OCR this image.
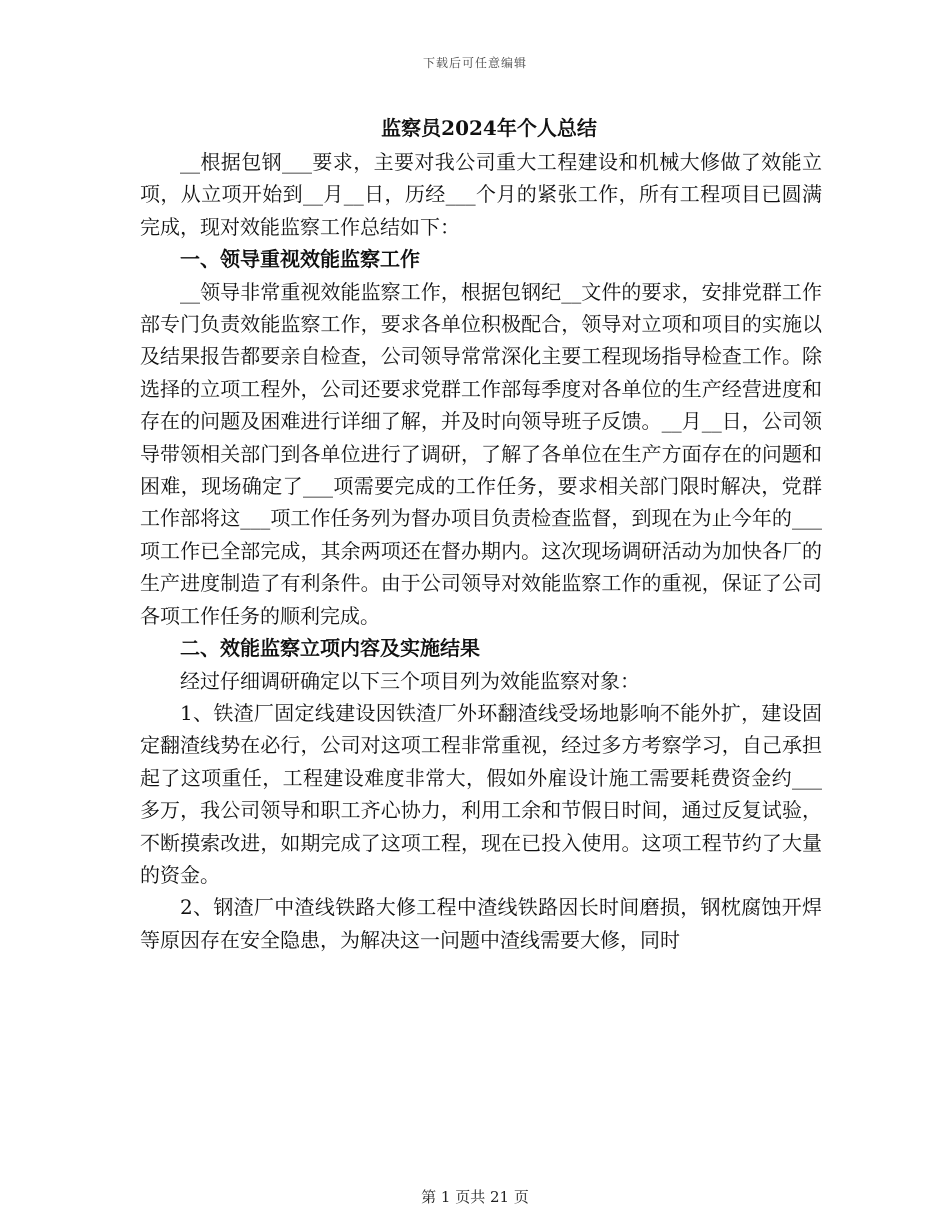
下载后可任意编辑
监察员2024年个人总结

__根据包钢___要求，主要对我公司重大工程建设和机械大修做了效能立项，从立项开始到__月__日，历经___个月的紧张工作，所有工程项目已圆满完成，现对效能监察工作总结如下：

一、领导重视效能监察工作

__领导非常重视效能监察工作，根据包钢纪__文件的要求，安排党群工作部专门负责效能监察工作，要求各单位积极配合，领导对立项和项目的实施以及结果报告都要亲自检查，公司领导常常深化主要工程现场指导检查工作。除选择的立项工程外，公司还要求党群工作部每季度对各单位的生产经营进度和存在的问题及困难进行详细了解，并及时向领导班子反馈。__月__日，公司领导带领相关部门到各单位进行了调研，了解了各单位在生产方面存在的问题和困难，现场确定了___项需要完成的工作任务，要求相关部门限时解决，党群工作部将这___项工作任务列为督办项目负责检查监督，到现在为止今年的___项工作已全部完成，其余两项还在督办期内。这次现场调研活动为加快各厂的生产进度制造了有利条件。由于公司领导对效能监察工作的重视，保证了公司各项工作任务的顺利完成。

二、效能监察立项内容及实施结果

经过仔细调研确定以下三个项目列为效能监察对象：

1、铁渣厂固定线建设因铁渣厂外环翻渣线受场地影响不能外扩，建设固定翻渣线势在必行，公司对这项工程非常重视，经过多方考察学习，自己承担起了这项重任，工程建设难度非常大，假如外雇设计施工需要耗费资金约___多万，我公司领导和职工齐心协力，利用工余和节假日时间，通过反复试验，不断摸索改进，如期完成了这项工程，现在已投入使用。这项工程节约了大量的资金。

2、钢渣厂中渣线铁路大修工程中渣线铁路因长时间磨损，钢枕腐蚀开焊等原因存在安全隐患，为解决这一问题中渣线需要大修，同时

第 1 页共 21 页
